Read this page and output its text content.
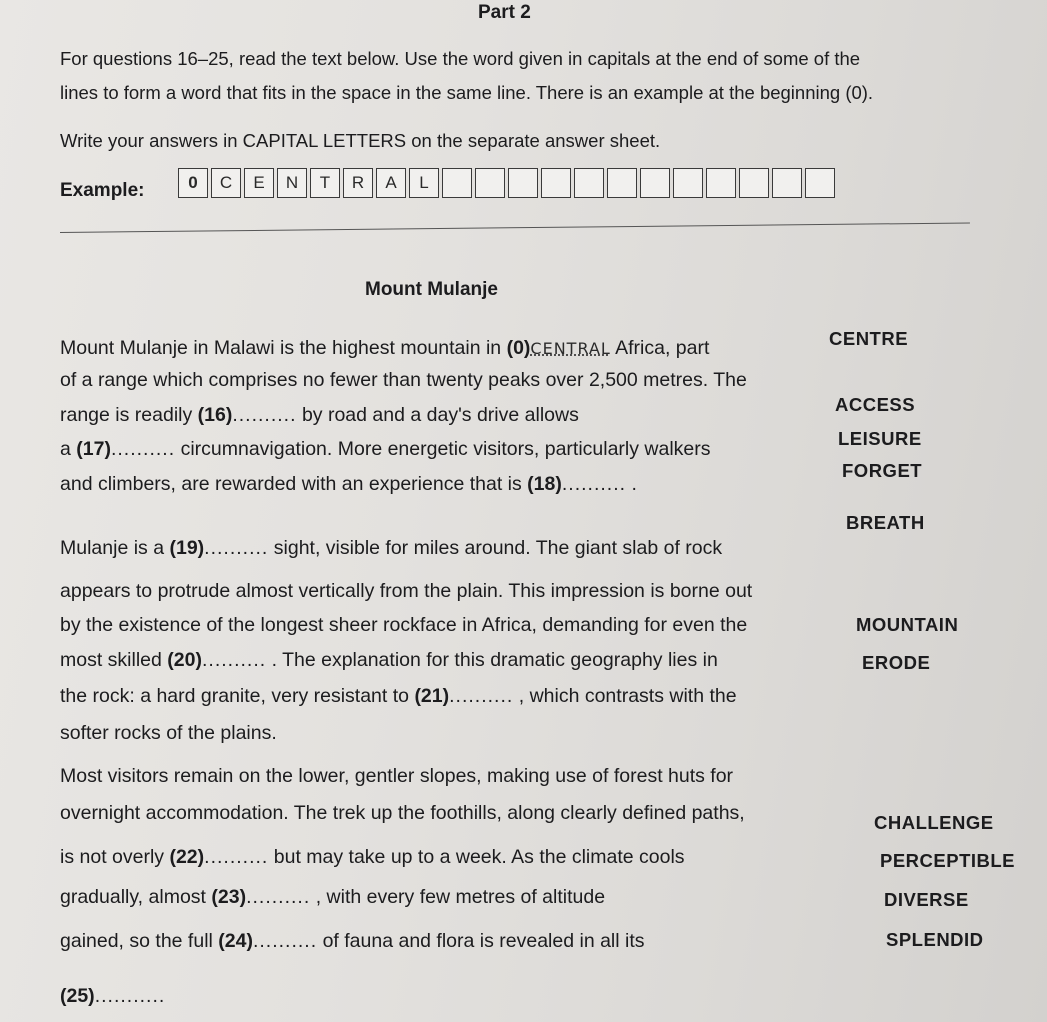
Part 2
For questions 16–25, read the text below. Use the word given in capitals at the end of some of the
lines to form a word that fits in the space in the same line. There is an example at the beginning (0).
Write your answers in CAPITAL LETTERS on the separate answer sheet.
Example:	0	C	E	N	T	R	A	L
Mount Mulanje
Mount Mulanje in Malawi is the highest mountain in (0)CENTRAL Africa, part
of a range which comprises no fewer than twenty peaks over 2,500 metres. The
range is readily (16).......... by road and a day's drive allows
a (17).......... circumnavigation. More energetic visitors, particularly walkers
and climbers, are rewarded with an experience that is (18).......... .
Mulanje is a (19).......... sight, visible for miles around. The giant slab of rock
appears to protrude almost vertically from the plain. This impression is borne out
by the existence of the longest sheer rockface in Africa, demanding for even the
most skilled (20).......... . The explanation for this dramatic geography lies in
the rock: a hard granite, very resistant to (21).......... , which contrasts with the
softer rocks of the plains.
Most visitors remain on the lower, gentler slopes, making use of forest huts for
overnight accommodation. The trek up the foothills, along clearly defined paths,
is not overly (22).......... but may take up to a week. As the climate cools
gradually, almost (23).......... , with every few metres of altitude
gained, so the full (24).......... of fauna and flora is revealed in all its
(25)...........
CENTRE
ACCESS
LEISURE
FORGET
BREATH
MOUNTAIN
ERODE
CHALLENGE
PERCEPTIBLE
DIVERSE
SPLENDID
